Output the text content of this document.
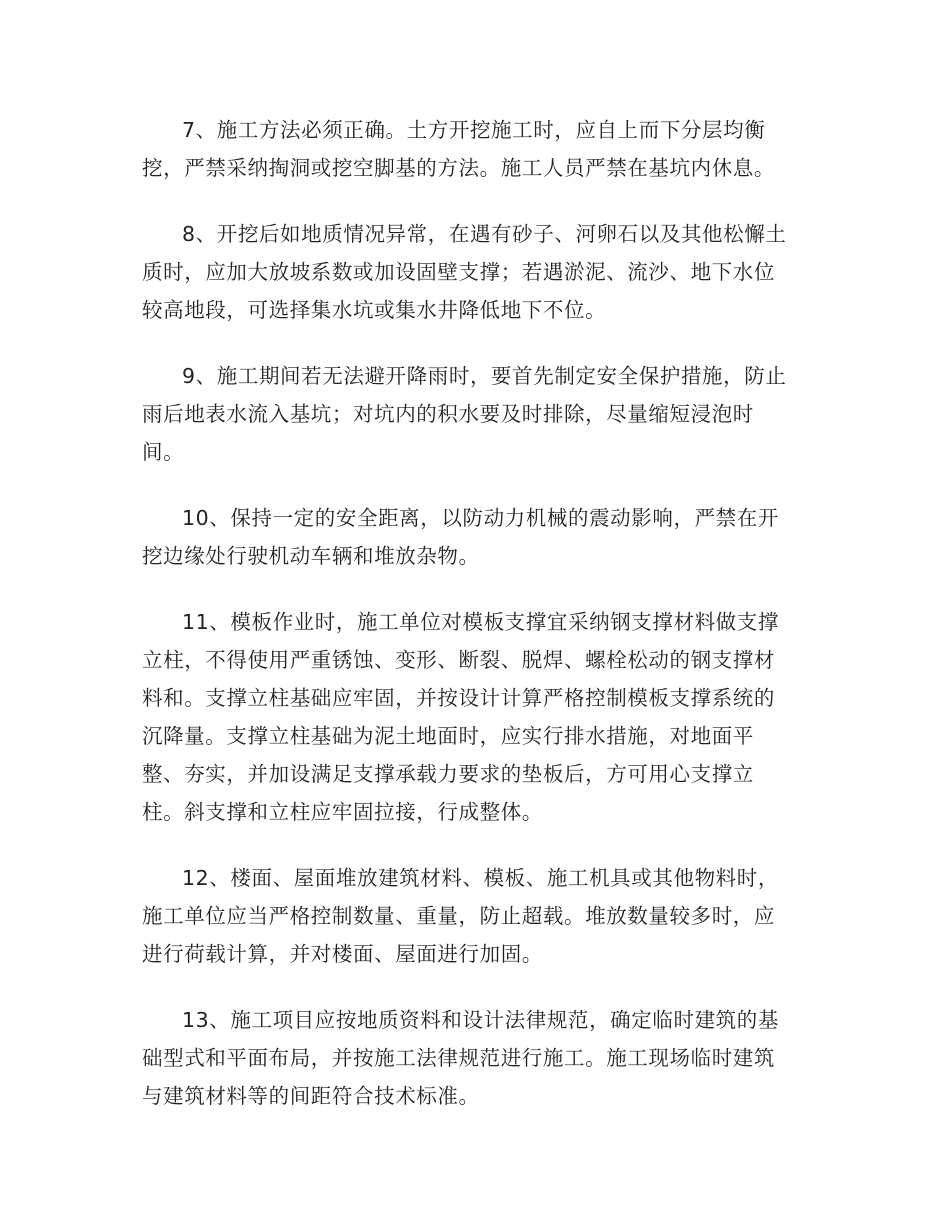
7、施工方法必须正确。土方开挖施工时，应自上而下分层均衡
挖，严禁采纳掏洞或挖空脚基的方法。施工人员严禁在基坑内休息。
8、开挖后如地质情况异常，在遇有砂子、河卵石以及其他松懈土
质时，应加大放坡系数或加设固壁支撑；若遇淤泥、流沙、地下水位
较高地段，可选择集水坑或集水井降低地下不位。
9、施工期间若无法避开降雨时，要首先制定安全保护措施，防止
雨后地表水流入基坑；对坑内的积水要及时排除，尽量缩短浸泡时
间。
10、保持一定的安全距离，以防动力机械的震动影响，严禁在开
挖边缘处行驶机动车辆和堆放杂物。
11、模板作业时，施工单位对模板支撑宜采纳钢支撑材料做支撑
立柱，不得使用严重锈蚀、变形、断裂、脱焊、螺栓松动的钢支撑材
料和。支撑立柱基础应牢固，并按设计计算严格控制模板支撑系统的
沉降量。支撑立柱基础为泥土地面时，应实行排水措施，对地面平
整、夯实，并加设满足支撑承载力要求的垫板后，方可用心支撑立
柱。斜支撑和立柱应牢固拉接，行成整体。
12、楼面、屋面堆放建筑材料、模板、施工机具或其他物料时，
施工单位应当严格控制数量、重量，防止超载。堆放数量较多时，应
进行荷载计算，并对楼面、屋面进行加固。
13、施工项目应按地质资料和设计法律规范，确定临时建筑的基
础型式和平面布局，并按施工法律规范进行施工。施工现场临时建筑
与建筑材料等的间距符合技术标准。
